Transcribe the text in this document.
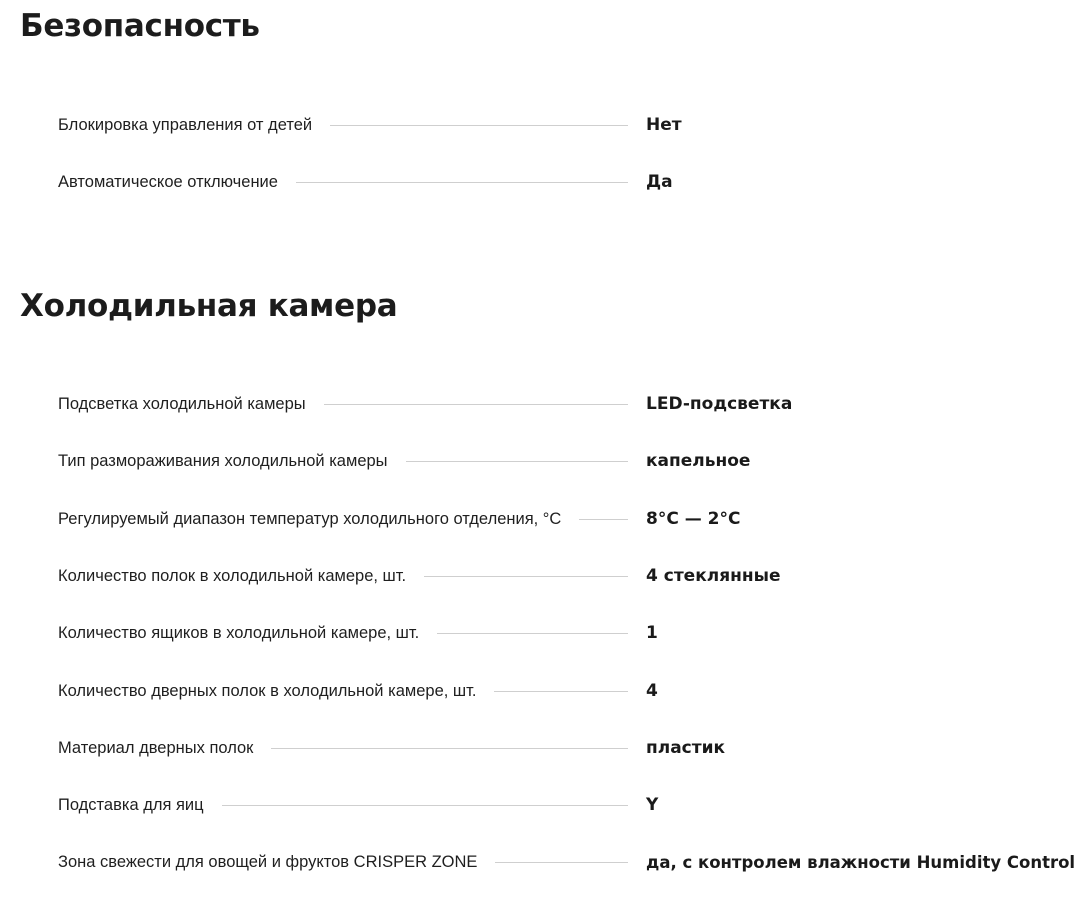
Безопасность
Блокировка управления от детей	Нет
Автоматическое отключение	Да
Холодильная камера
Подсветка холодильной камеры	LED-подсветка
Тип размораживания холодильной камеры	капельное
Регулируемый диапазон температур холодильного отделения, °C	8°C — 2°C
Количество полок в холодильной камере, шт.	4 стеклянные
Количество ящиков в холодильной камере, шт.	1
Количество дверных полок в холодильной камере, шт.	4
Материал дверных полок	пластик
Подставка для яиц	Y
Зона свежести для овощей и фруктов CRISPER ZONE	да, с контролем влажности Humidity Control
